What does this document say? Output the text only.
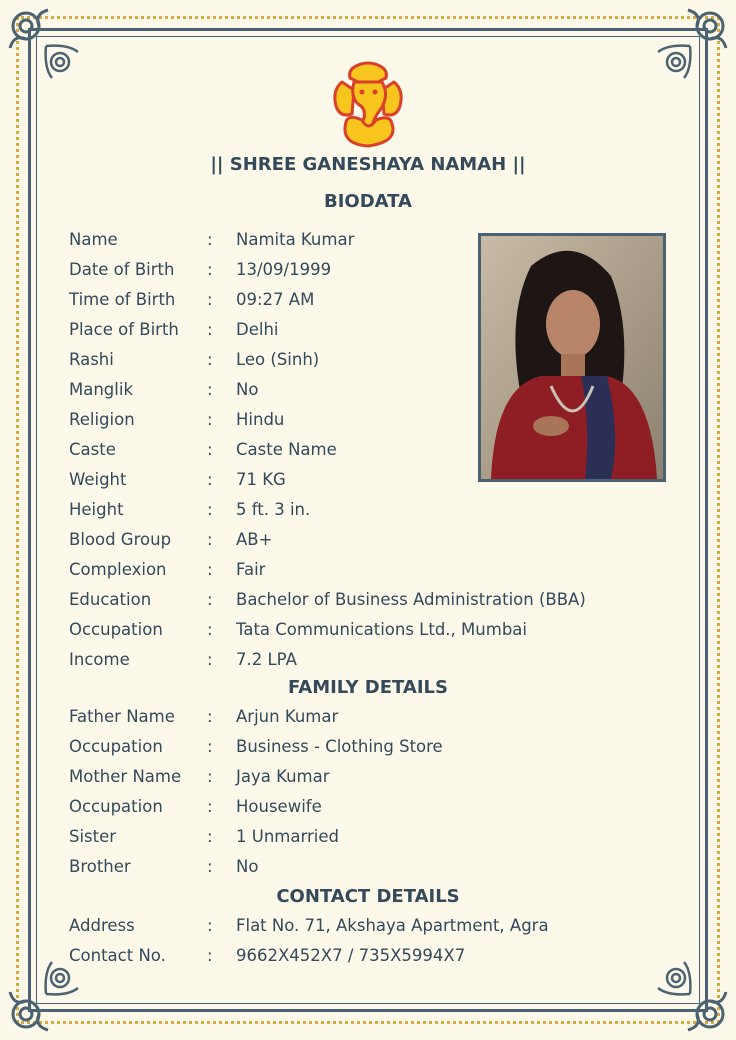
|| SHREE GANESHAYA NAMAH ||
BIODATA
Name	: Namita Kumar
Date of Birth	: 13/09/1999
Time of Birth	: 09:27 AM
Place of Birth	: Delhi
Rashi	: Leo (Sinh)
Manglik	: No
Religion	: Hindu
Caste	: Caste Name
Weight	: 71 KG
Height	: 5 ft. 3 in.
Blood Group	: AB+
Complexion	: Fair
Education	: Bachelor of Business Administration (BBA)
Occupation	: Tata Communications Ltd., Mumbai
Income	: 7.2 LPA
FAMILY DETAILS
Father Name	: Arjun Kumar
Occupation	: Business - Clothing Store
Mother Name	: Jaya Kumar
Occupation	: Housewife
Sister	: 1 Unmarried
Brother	: No
CONTACT DETAILS
Address	: Flat No. 71, Akshaya Apartment, Agra
Contact No.	: 9662X452X7 / 735X5994X7
